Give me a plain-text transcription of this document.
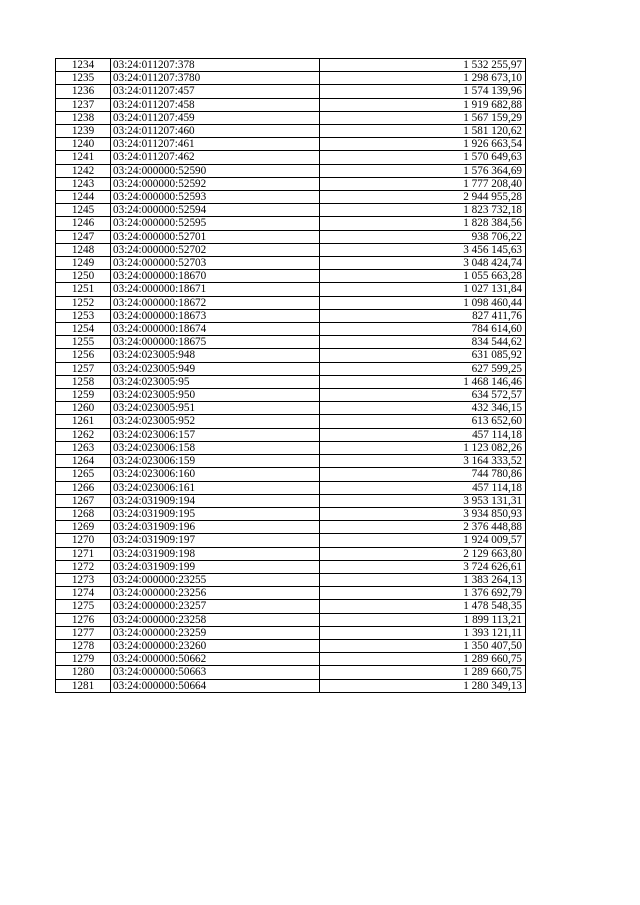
1234	03:24:011207:378	1 532 255,97
1235	03:24:011207:3780	1 298 673,10
1236	03:24:011207:457	1 574 139,96
1237	03:24:011207:458	1 919 682,88
1238	03:24:011207:459	1 567 159,29
1239	03:24:011207:460	1 581 120,62
1240	03:24:011207:461	1 926 663,54
1241	03:24:011207:462	1 570 649,63
1242	03:24:000000:52590	1 576 364,69
1243	03:24:000000:52592	1 777 208,40
1244	03:24:000000:52593	2 944 955,28
1245	03:24:000000:52594	1 823 732,18
1246	03:24:000000:52595	1 828 384,56
1247	03:24:000000:52701	938 706,22
1248	03:24:000000:52702	3 456 145,63
1249	03:24:000000:52703	3 048 424,74
1250	03:24:000000:18670	1 055 663,28
1251	03:24:000000:18671	1 027 131,84
1252	03:24:000000:18672	1 098 460,44
1253	03:24:000000:18673	827 411,76
1254	03:24:000000:18674	784 614,60
1255	03:24:000000:18675	834 544,62
1256	03:24:023005:948	631 085,92
1257	03:24:023005:949	627 599,25
1258	03:24:023005:95	1 468 146,46
1259	03:24:023005:950	634 572,57
1260	03:24:023005:951	432 346,15
1261	03:24:023005:952	613 652,60
1262	03:24:023006:157	457 114,18
1263	03:24:023006:158	1 123 082,26
1264	03:24:023006:159	3 164 333,52
1265	03:24:023006:160	744 780,86
1266	03:24:023006:161	457 114,18
1267	03:24:031909:194	3 953 131,31
1268	03:24:031909:195	3 934 850,93
1269	03:24:031909:196	2 376 448,88
1270	03:24:031909:197	1 924 009,57
1271	03:24:031909:198	2 129 663,80
1272	03:24:031909:199	3 724 626,61
1273	03:24:000000:23255	1 383 264,13
1274	03:24:000000:23256	1 376 692,79
1275	03:24:000000:23257	1 478 548,35
1276	03:24:000000:23258	1 899 113,21
1277	03:24:000000:23259	1 393 121,11
1278	03:24:000000:23260	1 350 407,50
1279	03:24:000000:50662	1 289 660,75
1280	03:24:000000:50663	1 289 660,75
1281	03:24:000000:50664	1 280 349,13
